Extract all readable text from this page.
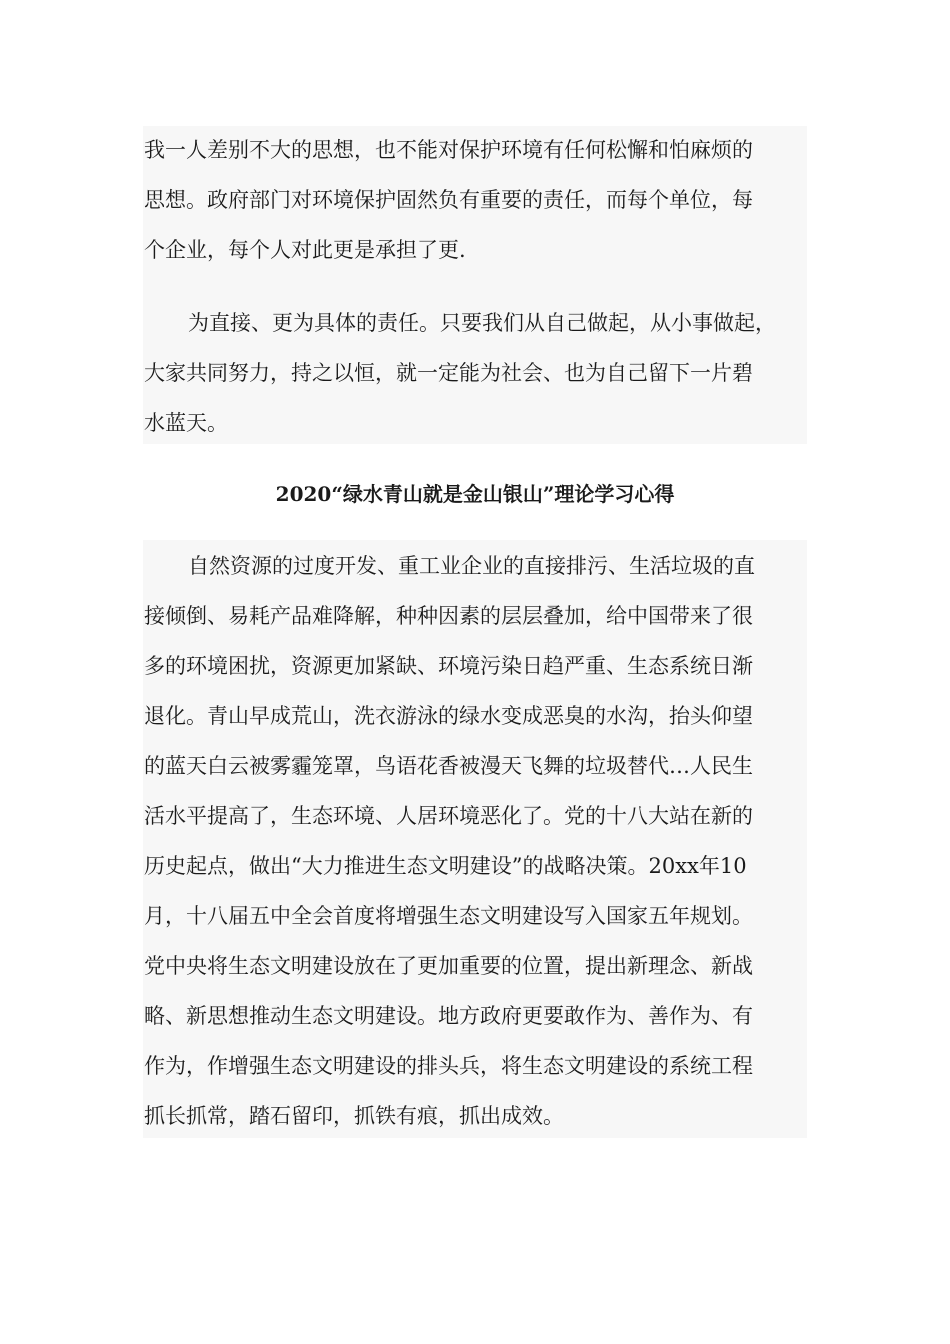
我一人差别不大的思想，也不能对保护环境有任何松懈和怕麻烦的
思想。政府部门对环境保护固然负有重要的责任，而每个单位，每
个企业，每个人对此更是承担了更.
为直接、更为具体的责任。只要我们从自己做起，从小事做起，
大家共同努力，持之以恒，就一定能为社会、也为自己留下一片碧
水蓝天。
2020“绿水青山就是金山银山”理论学习心得
自然资源的过度开发、重工业企业的直接排污、生活垃圾的直
接倾倒、易耗产品难降解，种种因素的层层叠加，给中国带来了很
多的环境困扰，资源更加紧缺、环境污染日趋严重、生态系统日渐
退化。青山早成荒山，洗衣游泳的绿水变成恶臭的水沟，抬头仰望
的蓝天白云被雾霾笼罩，鸟语花香被漫天飞舞的垃圾替代…人民生
活水平提高了，生态环境、人居环境恶化了。党的十八大站在新的
历史起点，做出“大力推进生态文明建设”的战略决策。20xx年10
月，十八届五中全会首度将增强生态文明建设写入国家五年规划。
党中央将生态文明建设放在了更加重要的位置，提出新理念、新战
略、新思想推动生态文明建设。地方政府更要敢作为、善作为、有
作为，作增强生态文明建设的排头兵，将生态文明建设的系统工程
抓长抓常，踏石留印，抓铁有痕，抓出成效。
